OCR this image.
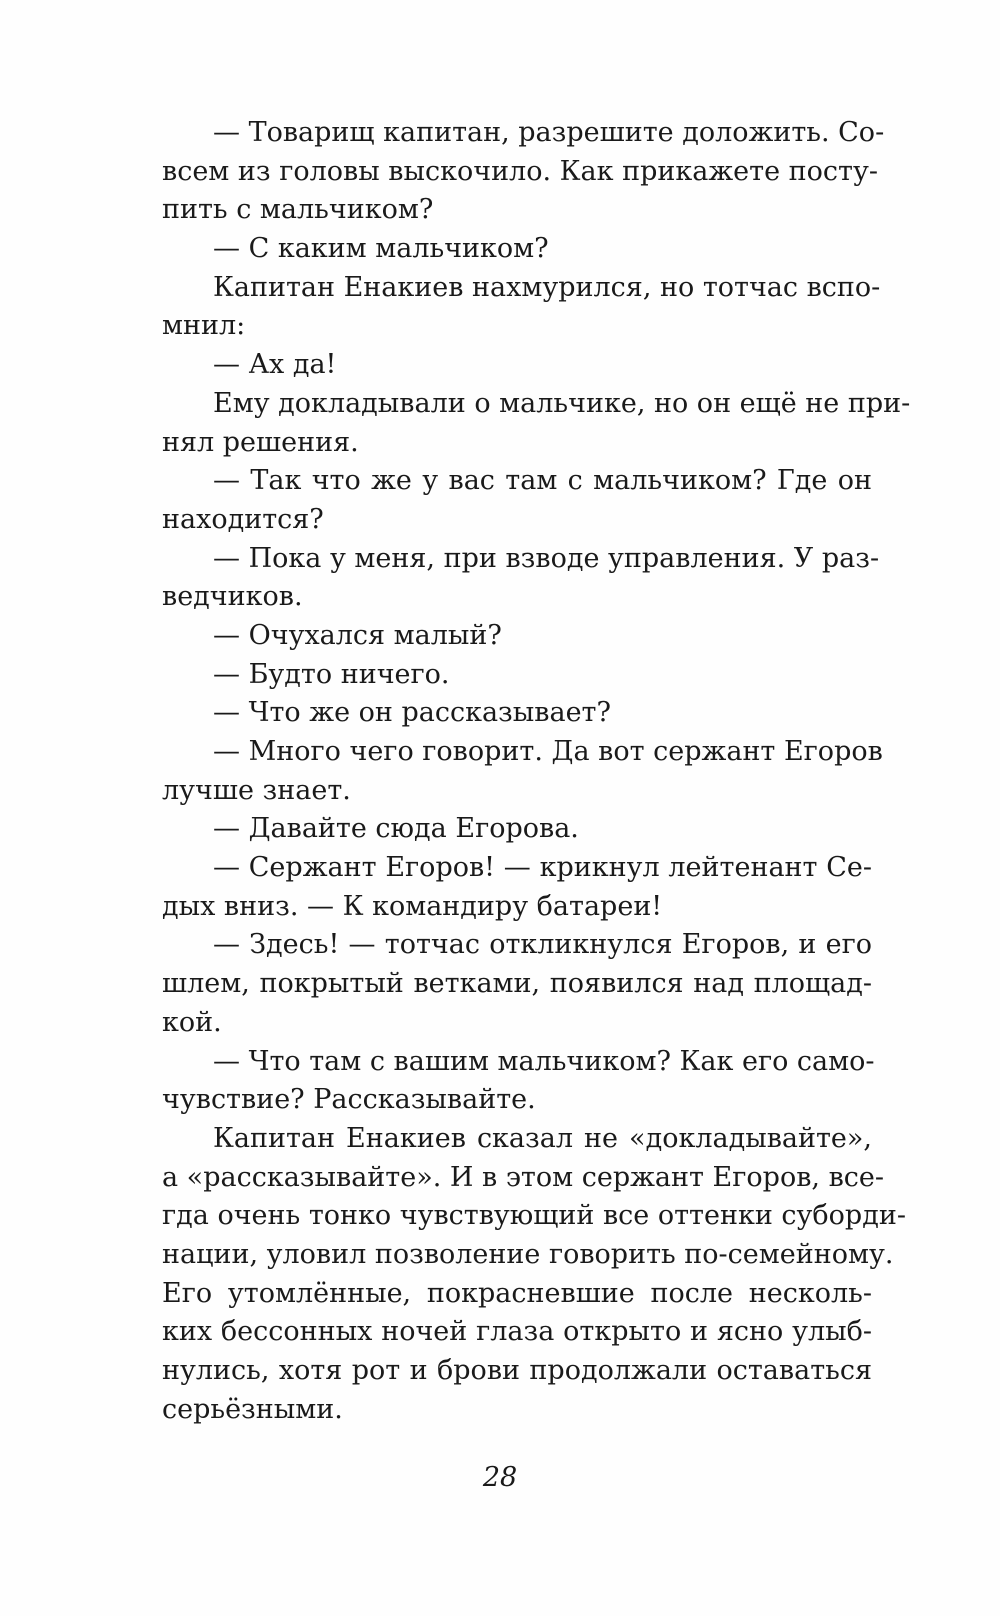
— Товарищ капитан, разрешите доложить. Со-
всем из головы выскочило. Как прикажете посту-
пить с мальчиком?
— С каким мальчиком?
Капитан Енакиев нахмурился, но тотчас вспо-
мнил:
— Ах да!
Ему докладывали о мальчике, но он ещё не при-
нял решения.
— Так что же у вас там с мальчиком? Где он
находится?
— Пока у меня, при взводе управления. У раз-
ведчиков.
— Очухался малый?
— Будто ничего.
— Что же он рассказывает?
— Много чего говорит. Да вот сержант Егоров
лучше знает.
— Давайте сюда Егорова.
— Сержант Егоров! — крикнул лейтенант Се-
дых вниз. — К командиру батареи!
— Здесь! — тотчас откликнулся Егоров, и его
шлем, покрытый ветками, появился над площад-
кой.
— Что там с вашим мальчиком? Как его само-
чувствие? Рассказывайте.
Капитан Енакиев сказал не «докладывайте»,
а «рассказывайте». И в этом сержант Егоров, все-
гда очень тонко чувствующий все оттенки суборди-
нации, уловил позволение говорить по-семейному.
Его утомлённые, покрасневшие после несколь-
ких бессонных ночей глаза открыто и ясно улыб-
нулись, хотя рот и брови продолжали оставаться
серьёзными.
28
